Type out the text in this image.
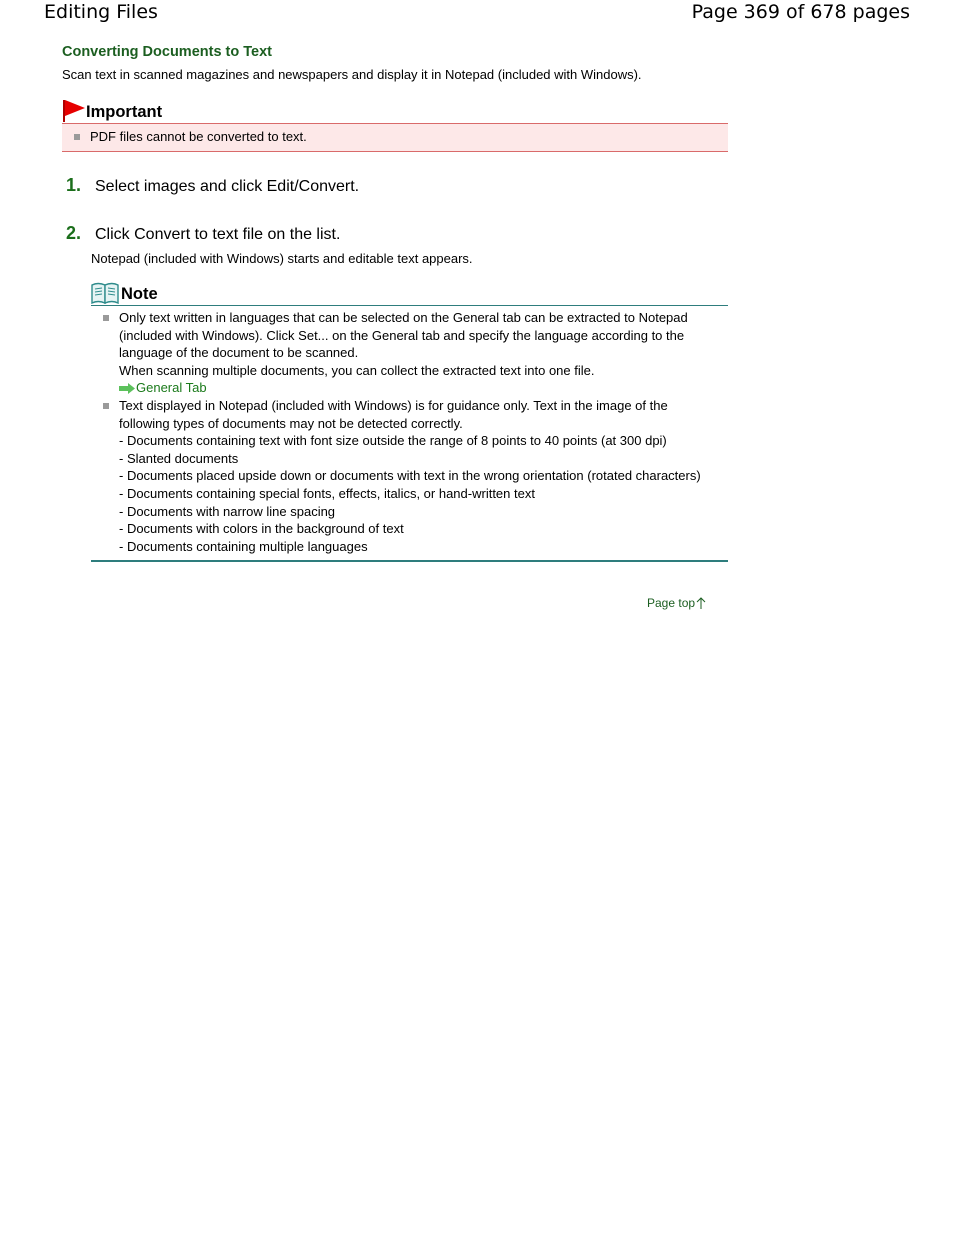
Editing Files	Page 369 of 678 pages
Converting Documents to Text

Scan text in scanned magazines and newspapers and display it in Notepad (included with Windows).

Important
PDF files cannot be converted to text.
1. Select images and click Edit/Convert.
2. Click Convert to text file on the list.
Notepad (included with Windows) starts and editable text appears.
Note

Only text written in languages that can be selected on the General tab can be extracted to Notepad (included with Windows). Click Set... on the General tab and specify the language according to the language of the document to be scanned.

When scanning multiple documents, you can collect the extracted text into one file.

General Tab

Text displayed in Notepad (included with Windows) is for guidance only. Text in the image of the following types of documents may not be detected correctly.

- Documents containing text with font size outside the range of 8 points to 40 points (at 300 dpi)

- Slanted documents

- Documents placed upside down or documents with text in the wrong orientation (rotated characters)

- Documents containing special fonts, effects, italics, or hand-written text

- Documents with narrow line spacing

- Documents with colors in the background of text

- Documents containing multiple languages

Page top
